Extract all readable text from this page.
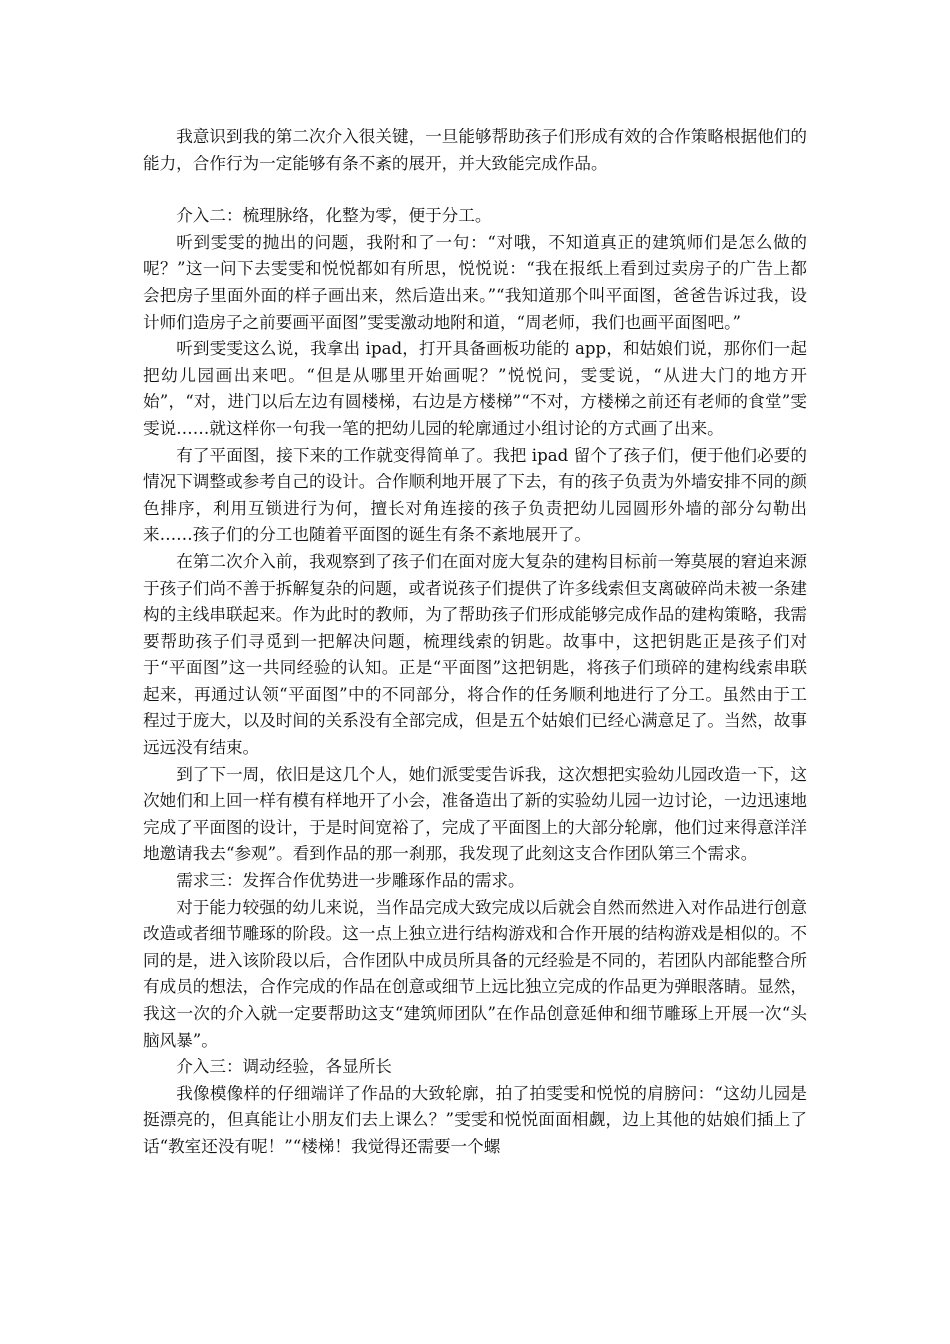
我意识到我的第二次介入很关键，一旦能够帮助孩子们形成有效的合作策略根据他们的能力，合作行为一定能够有条不紊的展开，并大致能完成作品。

介入二：梳理脉络，化整为零，便于分工。

听到雯雯的抛出的问题，我附和了一句：“对哦，不知道真正的建筑师们是怎么做的呢？”这一问下去雯雯和悦悦都如有所思，悦悦说：“我在报纸上看到过卖房子的广告上都会把房子里面外面的样子画出来，然后造出来。”“我知道那个叫平面图，爸爸告诉过我，设计师们造房子之前要画平面图”雯雯激动地附和道，“周老师，我们也画平面图吧。”

听到雯雯这么说，我拿出 ipad，打开具备画板功能的 app，和姑娘们说，那你们一起把幼儿园画出来吧。“但是从哪里开始画呢？”悦悦问，雯雯说，“从进大门的地方开始”，“对，进门以后左边有圆楼梯，右边是方楼梯”“不对，方楼梯之前还有老师的食堂”雯雯说……就这样你一句我一笔的把幼儿园的轮廓通过小组讨论的方式画了出来。

有了平面图，接下来的工作就变得简单了。我把 ipad 留个了孩子们，便于他们必要的情况下调整或参考自己的设计。合作顺利地开展了下去，有的孩子负责为外墙安排不同的颜色排序，利用互锁进行为何，擅长对角连接的孩子负责把幼儿园圆形外墙的部分勾勒出来……孩子们的分工也随着平面图的诞生有条不紊地展开了。

在第二次介入前，我观察到了孩子们在面对庞大复杂的建构目标前一筹莫展的窘迫来源于孩子们尚不善于拆解复杂的问题，或者说孩子们提供了许多线索但支离破碎尚未被一条建构的主线串联起来。作为此时的教师，为了帮助孩子们形成能够完成作品的建构策略，我需要帮助孩子们寻觅到一把解决问题，梳理线索的钥匙。故事中，这把钥匙正是孩子们对于“平面图”这一共同经验的认知。正是“平面图”这把钥匙，将孩子们琐碎的建构线索串联起来，再通过认领“平面图”中的不同部分，将合作的任务顺利地进行了分工。虽然由于工程过于庞大，以及时间的关系没有全部完成，但是五个姑娘们已经心满意足了。当然，故事远远没有结束。

到了下一周，依旧是这几个人，她们派雯雯告诉我，这次想把实验幼儿园改造一下，这次她们和上回一样有模有样地开了小会，准备造出了新的实验幼儿园一边讨论，一边迅速地完成了平面图的设计，于是时间宽裕了，完成了平面图上的大部分轮廓，他们过来得意洋洋地邀请我去“参观”。看到作品的那一刹那，我发现了此刻这支合作团队第三个需求。

需求三：发挥合作优势进一步雕琢作品的需求。

对于能力较强的幼儿来说，当作品完成大致完成以后就会自然而然进入对作品进行创意改造或者细节雕琢的阶段。这一点上独立进行结构游戏和合作开展的结构游戏是相似的。不同的是，进入该阶段以后，合作团队中成员所具备的元经验是不同的，若团队内部能整合所有成员的想法，合作完成的作品在创意或细节上远比独立完成的作品更为弹眼落睛。显然，我这一次的介入就一定要帮助这支“建筑师团队”在作品创意延伸和细节雕琢上开展一次“头脑风暴”。

介入三：调动经验，各显所长

我像模像样的仔细端详了作品的大致轮廓，拍了拍雯雯和悦悦的肩膀问：“这幼儿园是挺漂亮的，但真能让小朋友们去上课么？”雯雯和悦悦面面相觑，边上其他的姑娘们插上了话“教室还没有呢！”“楼梯！我觉得还需要一个螺
